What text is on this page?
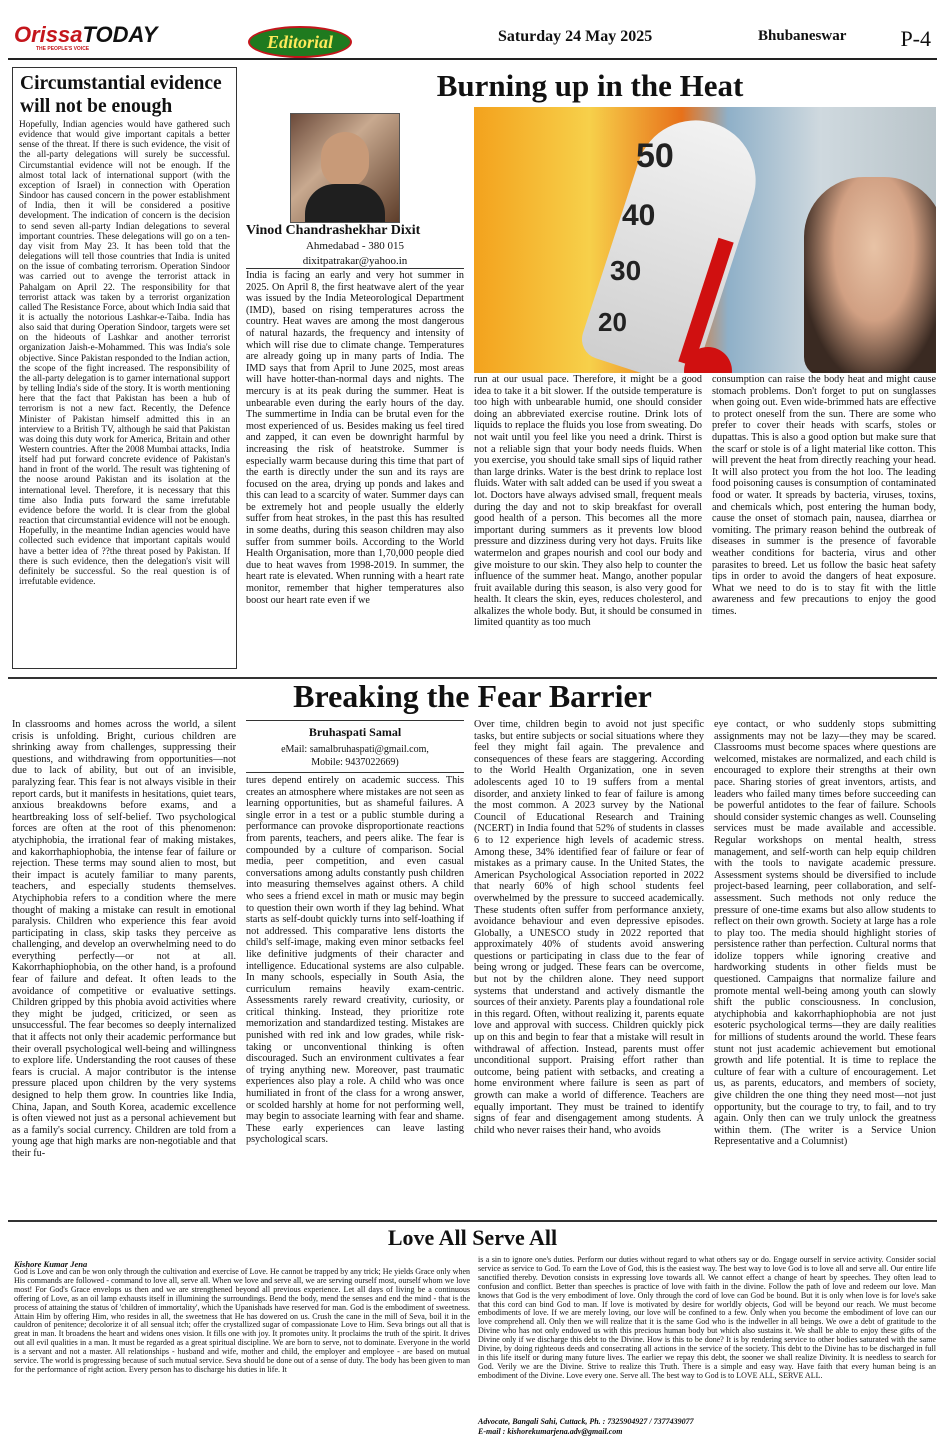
OrissaTODAY
THE PEOPLE'S VOICE	Editorial	Saturday 24 May 2025	Bhubaneswar P-4
Circumstantial evidence will not be enough
Hopefully, Indian agencies would have gathered such evidence that would give important capitals a better sense of the threat. If there is such evidence, the visit of the all-party delegations will surely be successful. Circumstantial evidence will not be enough. If the almost total lack of international support (with the exception of Israel) in connection with Operation Sindoor has caused concern in the power establishment of India, then it will be considered a positive development. The indication of concern is the decision to send seven all-party Indian delegations to several important countries. These delegations will go on a ten-day visit from May 23. It has been told that the delegations will tell those countries that India is united on the issue of combating terrorism. Operation Sindoor was carried out to avenge the terrorist attack in Pahalgam on April 22. The responsibility for that terrorist attack was taken by a terrorist organization called The Resistance Force, about which India said that it is actually the notorious Lashkar-e-Taiba. India has also said that during Operation Sindoor, targets were set on the hideouts of Lashkar and another terrorist organization Jaish-e-Mohammed. This was India's sole objective. Since Pakistan responded to the Indian action, the scope of the fight increased. The responsibility of the all-party delegation is to garner international support by telling India's side of the story. It is worth mentioning here that the fact that Pakistan has been a hub of terrorism is not a new fact. Recently, the Defence Minister of Pakistan himself admitted this in an interview to a British TV, although he said that Pakistan was doing this duty work for America, Britain and other Western countries. After the 2008 Mumbai attacks, India itself had put forward concrete evidence of Pakistan's hand in front of the world. The result was tightening of the noose around Pakistan and its isolation at the international level. Therefore, it is necessary that this time also India puts forward the same irrefutable evidence before the world. It is clear from the global reaction that circumstantial evidence will not be enough. Hopefully, in the meantime Indian agencies would have collected such evidence that important capitals would have a better idea of ??the threat posed by Pakistan. If there is such evidence, then the delegation's visit will definitely be successful. So the real question is of irrefutable evidence.
Burning up in the Heat
Vinod Chandrashekhar Dixit
Ahmedabad - 380 015
dixitpatrakar@yahoo.in
50
40
30
20
India is facing an early and very hot summer in 2025. On April 8, the first heatwave alert of the year was issued by the India Meteorological Department (IMD), based on rising temperatures across the country. Heat waves are among the most dangerous of natural hazards, the frequency and intensity of which will rise due to climate change. Temperatures are already going up in many parts of India. The IMD says that from April to June 2025, most areas will have hotter-than-normal days and nights. The mercury is at its peak during the summer. Heat is unbearable even during the early hours of the day. The summertime in India can be brutal even for the most experienced of us. Besides making us feel tired and zapped, it can even be downright harmful by increasing the risk of heatstroke. Summer is especially warm because during this time that part of the earth is directly under the sun and its rays are focused on the area, drying up ponds and lakes and this can lead to a scarcity of water. Summer days can be extremely hot and people usually the elderly suffer from heat strokes, in the past this has resulted in some deaths, during this season children may also suffer from summer boils. According to the World Health Organisation, more than 1,70,000 people died due to heat waves from 1998-2019. In summer, the heart rate is elevated. When running with a heart rate monitor, remember that higher temperatures also boost our heart rate even if we
run at our usual pace. Therefore, it might be a good idea to take it a bit slower. If the outside temperature is too high with unbearable humid, one should consider doing an abbreviated exercise routine. Drink lots of liquids to replace the fluids you lose from sweating. Do not wait until you feel like you need a drink. Thirst is not a reliable sign that your body needs fluids. When you exercise, you should take small sips of liquid rather than large drinks. Water is the best drink to replace lost fluids. Water with salt added can be used if you sweat a lot. Doctors have always advised small, frequent meals during the day and not to skip breakfast for overall good health of a person. This becomes all the more important during summers as it prevents low blood pressure and dizziness during very hot days. Fruits like watermelon and grapes nourish and cool our body and give moisture to our skin. They also help to counter the influence of the summer heat. Mango, another popular fruit available during this season, is also very good for health. It clears the skin, eyes, reduces cholesterol, and alkalizes the whole body. But, it should be consumed in limited quantity as too much
consumption can raise the body heat and might cause stomach problems. Don't forget to put on sunglasses when going out. Even wide-brimmed hats are effective to protect oneself from the sun. There are some who prefer to cover their heads with scarfs, stoles or dupattas. This is also a good option but make sure that the scarf or stole is of a light material like cotton. This will prevent the heat from directly reaching your head. It will also protect you from the hot loo. The leading food poisoning causes is consumption of contaminated food or water. It spreads by bacteria, viruses, toxins, and chemicals which, post entering the human body, cause the onset of stomach pain, nausea, diarrhea or vomiting. The primary reason behind the outbreak of diseases in summer is the presence of favorable weather conditions for bacteria, virus and other parasites to breed. Let us follow the basic heat safety tips in order to avoid the dangers of heat exposure. What we need to do is to stay fit with the little awareness and few precautions to enjoy the good times.
Breaking the Fear Barrier
Bruhaspati Samal
eMail: samalbruhaspati@gmail.com,
Mobile: 9437022669)
In classrooms and homes across the world, a silent crisis is unfolding. Bright, curious children are shrinking away from challenges, suppressing their questions, and withdrawing from opportunities—not due to lack of ability, but out of an invisible, paralyzing fear. This fear is not always visible in their report cards, but it manifests in hesitations, quiet tears, anxious breakdowns before exams, and a heartbreaking loss of self-belief. Two psychological forces are often at the root of this phenomenon: atychiphobia, the irrational fear of making mistakes, and kakorrhaphiophobia, the intense fear of failure or rejection. These terms may sound alien to most, but their impact is acutely familiar to many parents, teachers, and especially students themselves. Atychiphobia refers to a condition where the mere thought of making a mistake can result in emotional paralysis. Children who experience this fear avoid participating in class, skip tasks they perceive as challenging, and develop an overwhelming need to do everything perfectly—or not at all. Kakorrhaphiophobia, on the other hand, is a profound fear of failure and defeat. It often leads to the avoidance of competitive or evaluative settings. Children gripped by this phobia avoid activities where they might be judged, criticized, or seen as unsuccessful. The fear becomes so deeply internalized that it affects not only their academic performance but their overall psychological well-being and willingness to explore life. Understanding the root causes of these fears is crucial. A major contributor is the intense pressure placed upon children by the very systems designed to help them grow. In countries like India, China, Japan, and South Korea, academic excellence is often viewed not just as a personal achievement but as a family's social currency. Children are told from a young age that high marks are non-negotiable and that their fu-
tures depend entirely on academic success. This creates an atmosphere where mistakes are not seen as learning opportunities, but as shameful failures. A single error in a test or a public stumble during a performance can provoke disproportionate reactions from parents, teachers, and peers alike. The fear is compounded by a culture of comparison. Social media, peer competition, and even casual conversations among adults constantly push children into measuring themselves against others. A child who sees a friend excel in math or music may begin to question their own worth if they lag behind. What starts as self-doubt quickly turns into self-loathing if not addressed. This comparative lens distorts the child's self-image, making even minor setbacks feel like definitive judgments of their character and intelligence. Educational systems are also culpable. In many schools, especially in South Asia, the curriculum remains heavily exam-centric. Assessments rarely reward creativity, curiosity, or critical thinking. Instead, they prioritize rote memorization and standardized testing. Mistakes are punished with red ink and low grades, while risk-taking or unconventional thinking is often discouraged. Such an environment cultivates a fear of trying anything new. Moreover, past traumatic experiences also play a role. A child who was once humiliated in front of the class for a wrong answer, or scolded harshly at home for not performing well, may begin to associate learning with fear and shame. These early experiences can leave lasting psychological scars.
Over time, children begin to avoid not just specific tasks, but entire subjects or social situations where they feel they might fail again. The prevalence and consequences of these fears are staggering. According to the World Health Organization, one in seven adolescents aged 10 to 19 suffers from a mental disorder, and anxiety linked to fear of failure is among the most common. A 2023 survey by the National Council of Educational Research and Training (NCERT) in India found that 52% of students in classes 6 to 12 experience high levels of academic stress. Among these, 34% identified fear of failure or fear of mistakes as a primary cause. In the United States, the American Psychological Association reported in 2022 that nearly 60% of high school students feel overwhelmed by the pressure to succeed academically. These students often suffer from performance anxiety, avoidance behaviour and even depressive episodes. Globally, a UNESCO study in 2022 reported that approximately 40% of students avoid answering questions or participating in class due to the fear of being wrong or judged. These fears can be overcome, but not by the children alone. They need support systems that understand and actively dismantle the sources of their anxiety. Parents play a foundational role in this regard. Often, without realizing it, parents equate love and approval with success. Children quickly pick up on this and begin to fear that a mistake will result in withdrawal of affection. Instead, parents must offer unconditional support. Praising effort rather than outcome, being patient with setbacks, and creating a home environment where failure is seen as part of growth can make a world of difference. Teachers are equally important. They must be trained to identify signs of fear and disengagement among students. A child who never raises their hand, who avoids
eye contact, or who suddenly stops submitting assignments may not be lazy—they may be scared. Classrooms must become spaces where questions are welcomed, mistakes are normalized, and each child is encouraged to explore their strengths at their own pace. Sharing stories of great inventors, artists, and leaders who failed many times before succeeding can be powerful antidotes to the fear of failure. Schools should consider systemic changes as well. Counseling services must be made available and accessible. Regular workshops on mental health, stress management, and self-worth can help equip children with the tools to navigate academic pressure. Assessment systems should be diversified to include project-based learning, peer collaboration, and self-assessment. Such methods not only reduce the pressure of one-time exams but also allow students to reflect on their own growth. Society at large has a role to play too. The media should highlight stories of persistence rather than perfection. Cultural norms that idolize toppers while ignoring creative and hardworking students in other fields must be questioned. Campaigns that normalize failure and promote mental well-being among youth can slowly shift the public consciousness. In conclusion, atychiphobia and kakorrhaphiophobia are not just esoteric psychological terms—they are daily realities for millions of students around the world. These fears stunt not just academic achievement but emotional growth and life potential. It is time to replace the culture of fear with a culture of encouragement. Let us, as parents, educators, and members of society, give children the one thing they need most—not just opportunity, but the courage to try, to fail, and to try again. Only then can we truly unlock the greatness within them. (The writer is a Service Union Representative and a Columnist)
Love All Serve All
Kishore Kumar Jena
God is Love and can be won only through the cultivation and exercise of Love. He cannot be trapped by any trick; He yields Grace only when His commands are followed - command to love all, serve all. When we love and serve all, we are serving ourself most, ourself whom we love most! For God's Grace envelops us then and we are strengthened beyond all previous experience. Let all days of living be a continuous offering of Love, as an oil lamp exhausts itself in illumining the surroundings. Bend the body, mend the senses and end the mind - that is the process of attaining the status of 'children of immortality', which the Upanishads have reserved for man. God is the embodiment of sweetness. Attain Him by offering Him, who resides in all, the sweetness that He has dowered on us. Crush the cane in the mill of Seva, boil it in the cauldron of penitence; decolorize it of all sensual itch; offer the crystallized sugar of compassionate Love to Him. Seva brings out all that is great in man. It broadens the heart and widens ones vision. It fills one with joy. It promotes unity. It proclaims the truth of the spirit. It drives out all evil qualities in a man. It must be regarded as a great spiritual discipline. We are born to serve, not to dominate. Everyone in the world is a servant and not a master. All relationships - husband and wife, mother and child, the employer and employee - are based on mutual service. The world is progressing because of such mutual service. Seva should be done out of a sense of duty. The body has been given to man for the performance of right action. Every person has to discharge his duties in life. It
is a sin to ignore one's duties. Perform our duties without regard to what others say or do. Engage ourself in service activity. Consider social service as service to God. To earn the Love of God, this is the easiest way. The best way to love God is to love all and serve all. Our entire life sanctified thereby. Devotion consists in expressing love towards all. We cannot effect a change of heart by speeches. They often lead to confusion and conflict. Better than speeches is practice of love with faith in the divine. Follow the path of love and redeem our love. Man knows that God is the very embodiment of love. Only through the cord of love can God be bound. But it is only when love is for love's sake that this cord can bind God to man. If love is motivated by desire for worldly objects, God will be beyond our reach. We must become embodiments of love. If we are merely loving, our love will be confined to a few. Only when you become the embodiment of love can our love comprehend all. Only then we will realize that it is the same God who is the indweller in all beings. We owe a debt of gratitude to the Divine who has not only endowed us with this precious human body but which also sustains it. We shall be able to enjoy these gifts of the Divine only if we discharge this debt to the Divine. How is this to be done? It is by rendering service to other bodies saturated with the same Divine, by doing righteous deeds and consecrating all actions in the service of the society. This debt to the Divine has to be discharged in full in this life itself or during many future lives. The earlier we repay this debt, the sooner we shall realize Divinity. It is needless to search for God. Verily we are the Divine. Strive to realize this Truth. There is a simple and easy way. Have faith that every human being is an embodiment of the Divine. Love every one. Serve all. The best way to God is to LOVE ALL, SERVE ALL.
Advocate, Bangali Sahi, Cuttack, Ph. : 7325904927 / 7377439077
E-mail : kishorekumarjena.adv@gmail.com
